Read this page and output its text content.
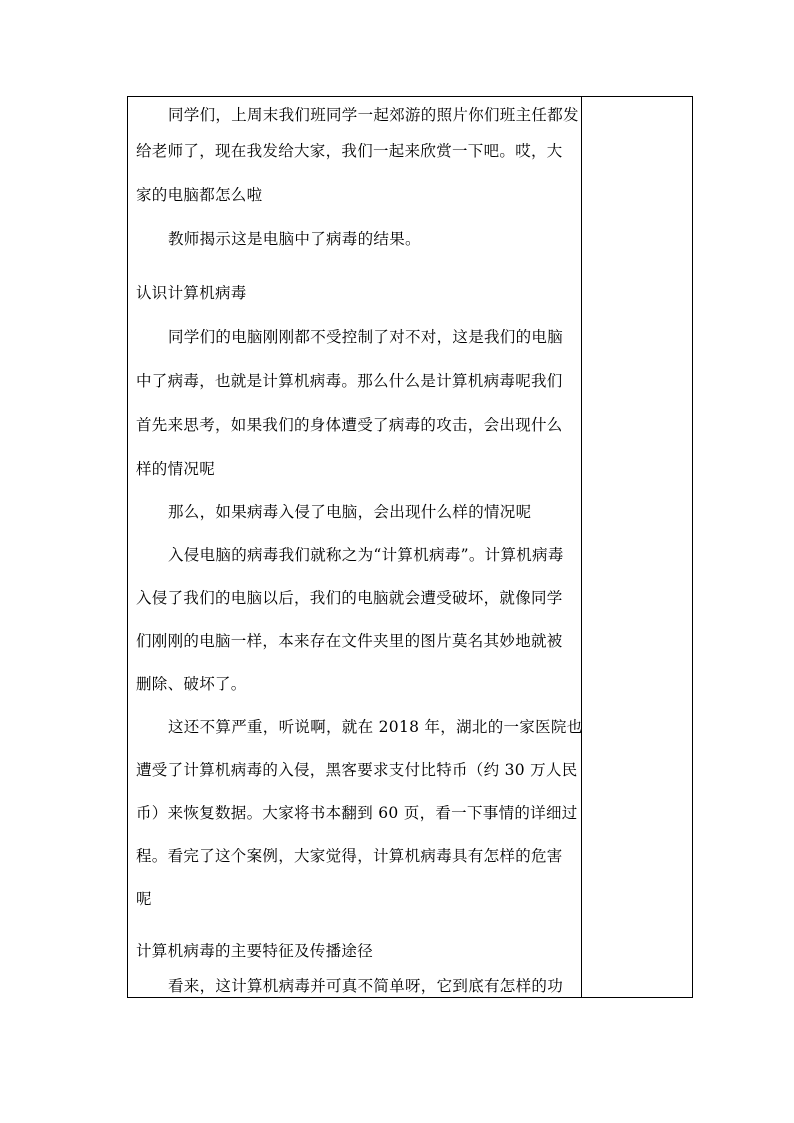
同学们，上周末我们班同学一起郊游的照片你们班主任都发
给老师了，现在我发给大家，我们一起来欣赏一下吧。哎，大
家的电脑都怎么啦
教师揭示这是电脑中了病毒的结果。
认识计算机病毒
同学们的电脑刚刚都不受控制了对不对，这是我们的电脑
中了病毒，也就是计算机病毒。那么什么是计算机病毒呢我们
首先来思考，如果我们的身体遭受了病毒的攻击，会出现什么
样的情况呢
那么，如果病毒入侵了电脑，会出现什么样的情况呢
入侵电脑的病毒我们就称之为“计算机病毒”。计算机病毒
入侵了我们的电脑以后，我们的电脑就会遭受破坏，就像同学
们刚刚的电脑一样，本来存在文件夹里的图片莫名其妙地就被
删除、破坏了。
这还不算严重，听说啊，就在 2018 年，湖北的一家医院也
遭受了计算机病毒的入侵，黑客要求支付比特币（约 30 万人民
币）来恢复数据。大家将书本翻到 60 页，看一下事情的详细过
程。看完了这个案例，大家觉得，计算机病毒具有怎样的危害
呢
计算机病毒的主要特征及传播途径
看来，这计算机病毒并可真不简单呀，它到底有怎样的功
